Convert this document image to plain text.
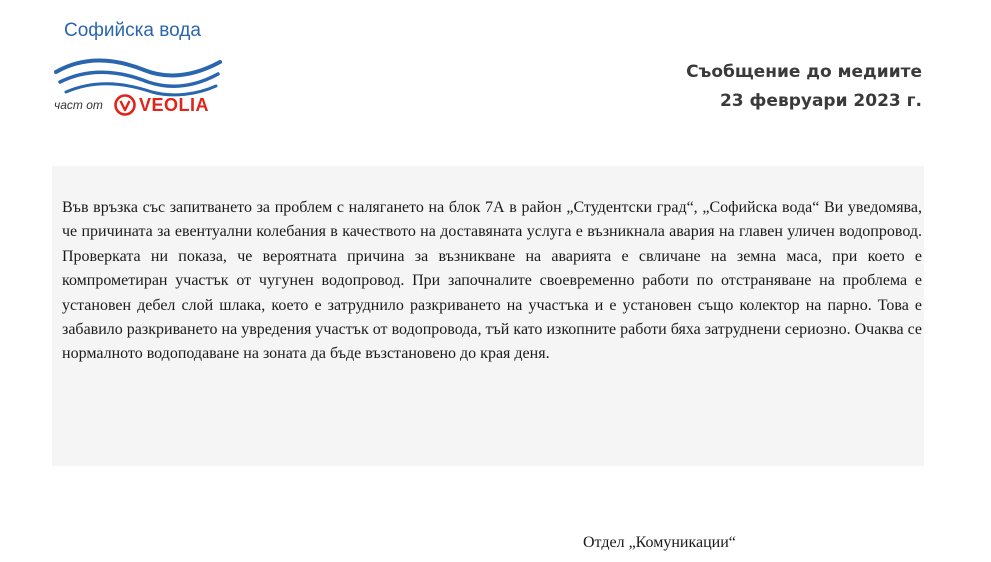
Софийска вода
част от VEOLIA
Съобщение до медиите
23 февруари 2023 г.
Във връзка със запитването за проблем с налягането на блок 7А в район „Студентски град“, „Софийска вода“ Ви уведомява, че причината за евентуални колебания в качеството на доставяната услуга е възникнала авария на главен уличен водопровод. Проверката ни показа, че вероятната причина за възникване на аварията е свличане на земна маса, при което е компрометиран участък от чугунен водопровод. При започналите своевременно работи по отстраняване на проблема е установен дебел слой шлака, което е затруднило разкриването на участъка и е установен също колектор на парно. Това е забавило разкриването на увредения участък от водопровода, тъй като изкопните работи бяха затруднени сериозно. Очаква се нормалното водоподаване на зоната да бъде възстановено до края деня.
Отдел „Комуникации“
